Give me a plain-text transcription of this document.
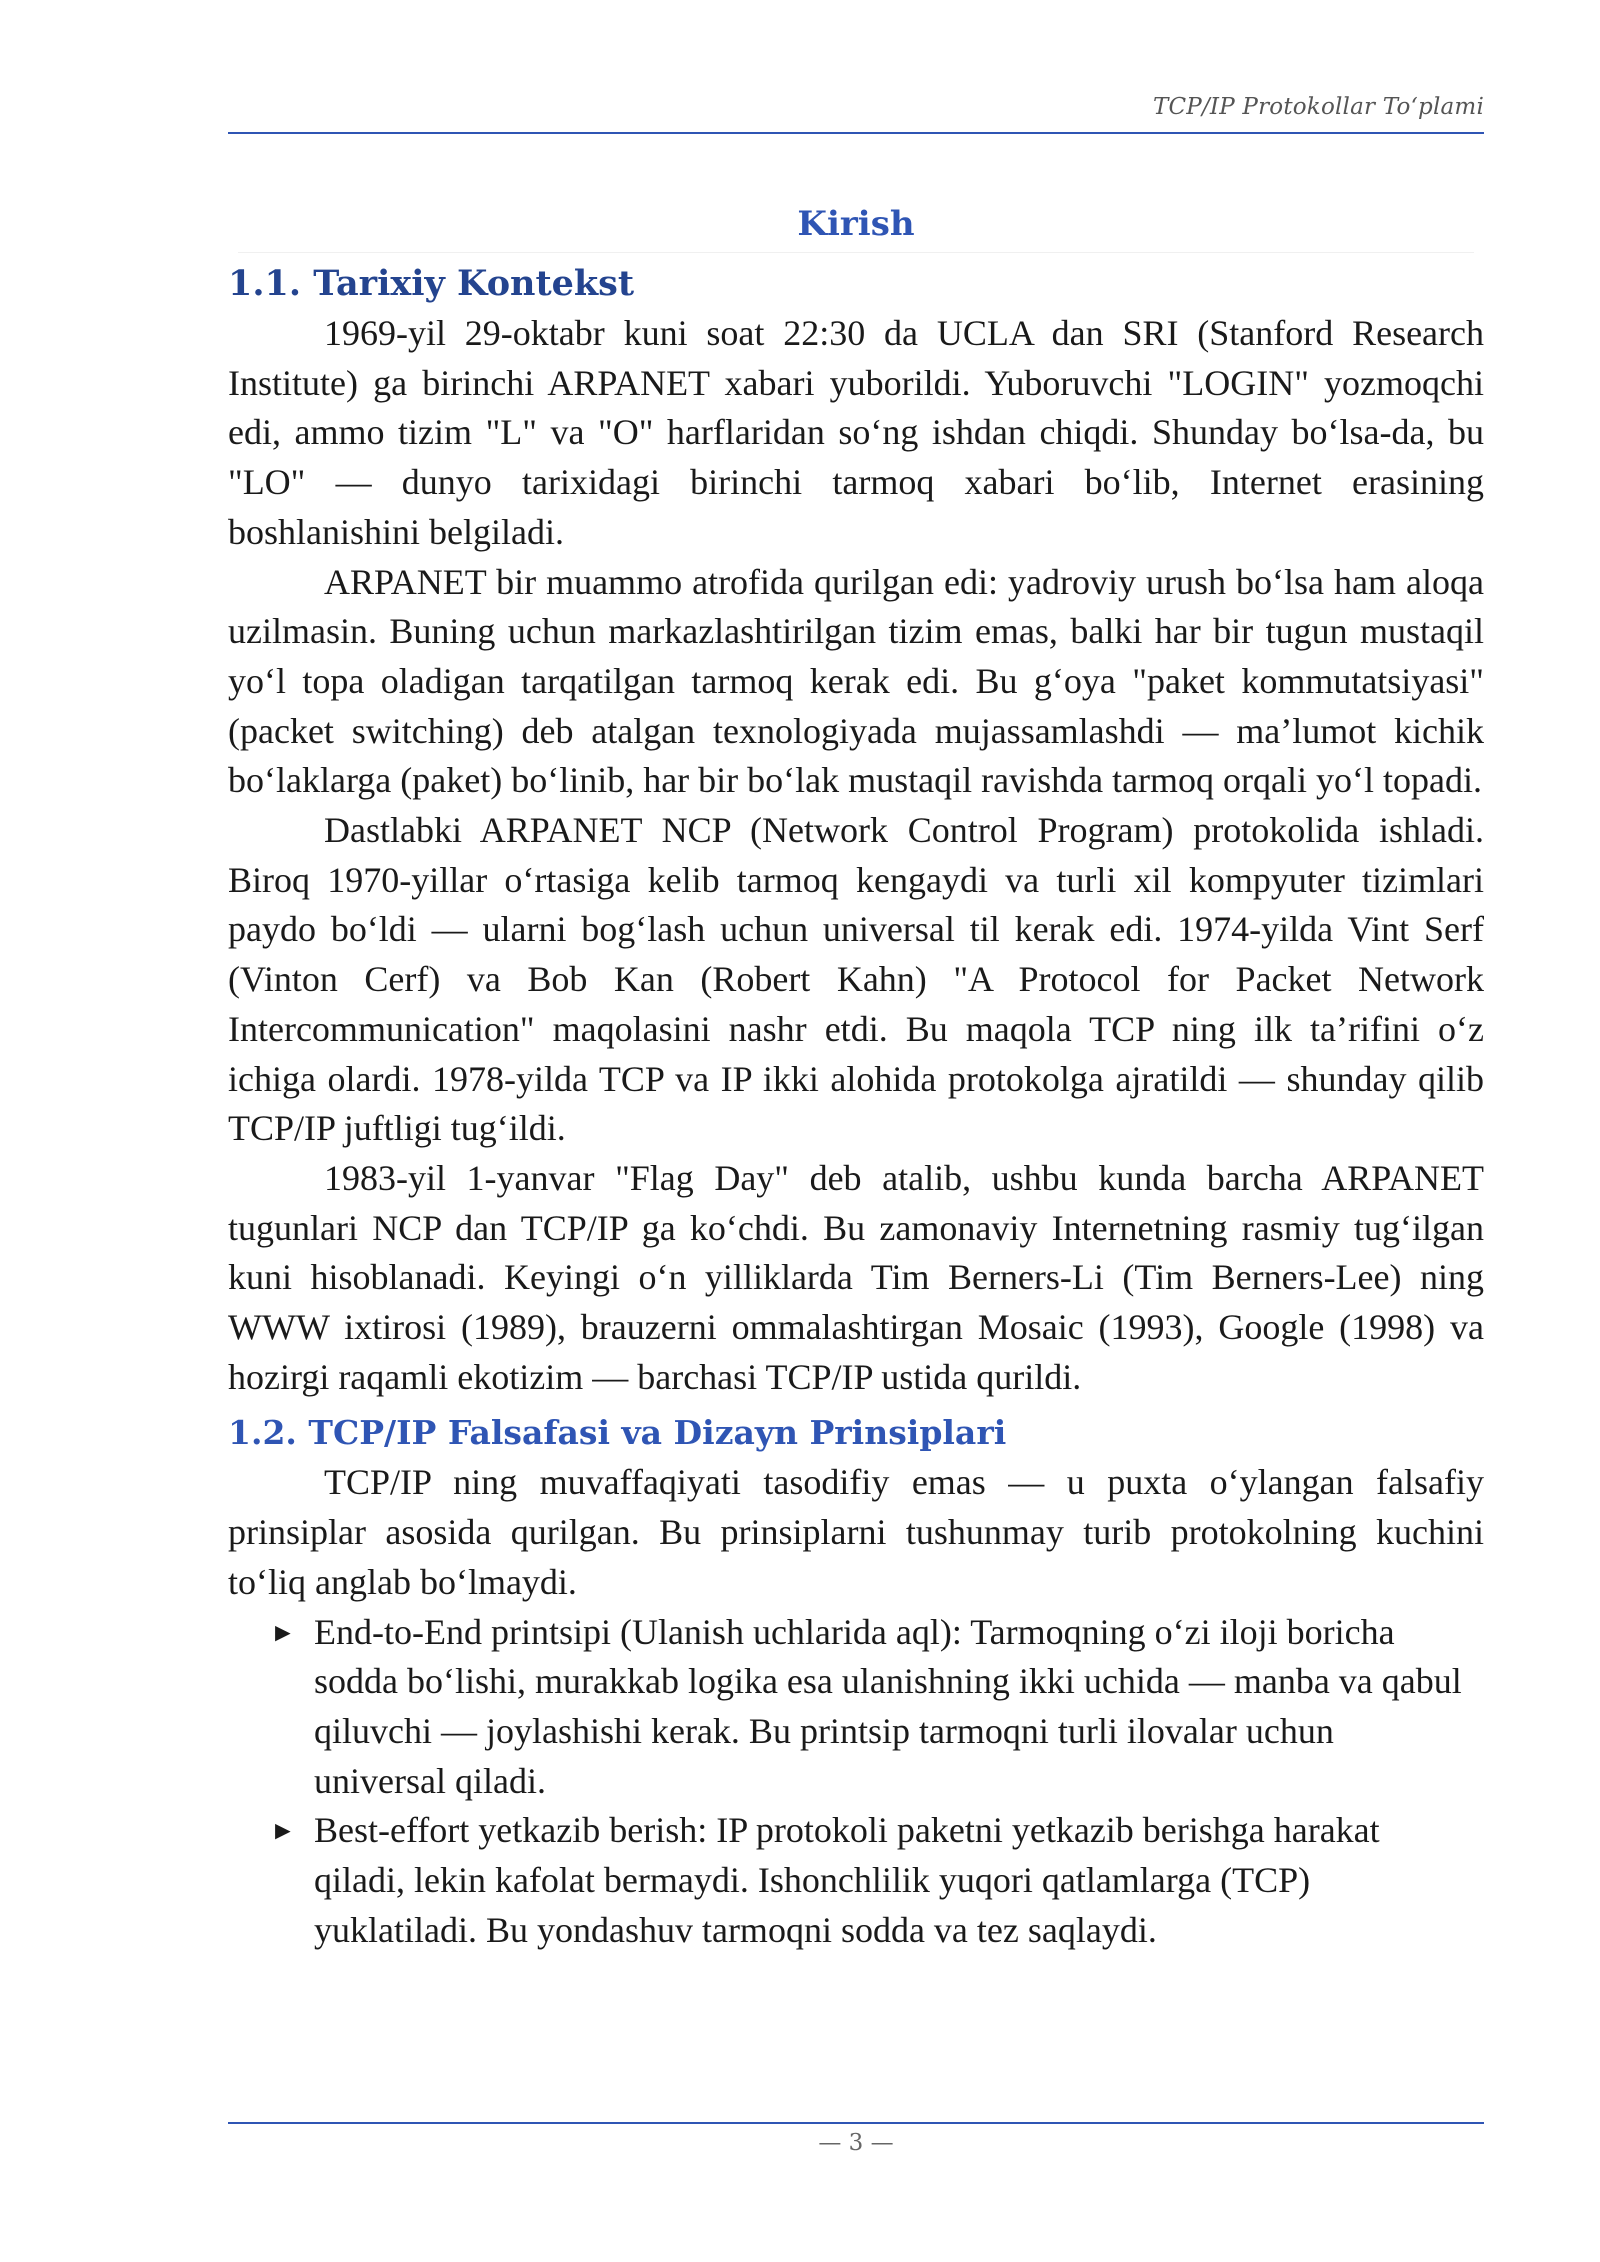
TCP/IP Protokollar To‘plami
Kirish
1.1. Tarixiy Kontekst

1969-yil 29-oktabr kuni soat 22:30 da UCLA dan SRI (Stanford Research Institute) ga birinchi ARPANET xabari yuborildi. Yuboruvchi "LOGIN" yozmoqchi edi, ammo tizim "L" va "O" harflaridan so‘ng ishdan chiqdi. Shunday bo‘lsa-da, bu "LO" — dunyo tarixidagi birinchi tarmoq xabari bo‘lib, Internet erasining boshlanishini belgiladi.

ARPANET bir muammo atrofida qurilgan edi: yadroviy urush bo‘lsa ham aloqa uzilmasin. Buning uchun markazlashtirilgan tizim emas, balki har bir tugun mustaqil yo‘l topa oladigan tarqatilgan tarmoq kerak edi. Bu g‘oya "paket kommutatsiyasi" (packet switching) deb atalgan texnologiyada mujassamlashdi — ma’lumot kichik bo‘laklarga (paket) bo‘linib, har bir bo‘lak mustaqil ravishda tarmoq orqali yo‘l topadi.

Dastlabki ARPANET NCP (Network Control Program) protokolida ishladi. Biroq 1970-yillar o‘rtasiga kelib tarmoq kengaydi va turli xil kompyuter tizimlari paydo bo‘ldi — ularni bog‘lash uchun universal til kerak edi. 1974-yilda Vint Serf (Vinton Cerf) va Bob Kan (Robert Kahn) "A Protocol for Packet Network Intercommunication" maqolasini nashr etdi. Bu maqola TCP ning ilk ta’rifini o‘z ichiga olardi. 1978-yilda TCP va IP ikki alohida protokolga ajratildi — shunday qilib TCP/IP juftligi tug‘ildi.

1983-yil 1-yanvar "Flag Day" deb atalib, ushbu kunda barcha ARPANET tugunlari NCP dan TCP/IP ga ko‘chdi. Bu zamonaviy Internetning rasmiy tug‘ilgan kuni hisoblanadi. Keyingi o‘n yilliklarda Tim Berners-Li (Tim Berners-Lee) ning WWW ixtirosi (1989), brauzerni ommalashtirgan Mosaic (1993), Google (1998) va hozirgi raqamli ekotizim — barchasi TCP/IP ustida qurildi.

1.2. TCP/IP Falsafasi va Dizayn Prinsiplari

TCP/IP ning muvaffaqiyati tasodifiy emas — u puxta o‘ylangan falsafiy prinsiplar asosida qurilgan. Bu prinsiplarni tushunmay turib protokolning kuchini to‘liq anglab bo‘lmaydi.

► End-to-End printsipi (Ulanish uchlarida aql): Tarmoqning o‘zi iloji boricha sodda bo‘lishi, murakkab logika esa ulanishning ikki uchida — manba va qabul qiluvchi — joylashishi kerak. Bu printsip tarmoqni turli ilovalar uchun universal qiladi.
► Best-effort yetkazib berish: IP protokoli paketni yetkazib berishga harakat qiladi, lekin kafolat bermaydi. Ishonchlilik yuqori qatlamlarga (TCP) yuklatiladi. Bu yondashuv tarmoqni sodda va tez saqlaydi.
— 3 —
